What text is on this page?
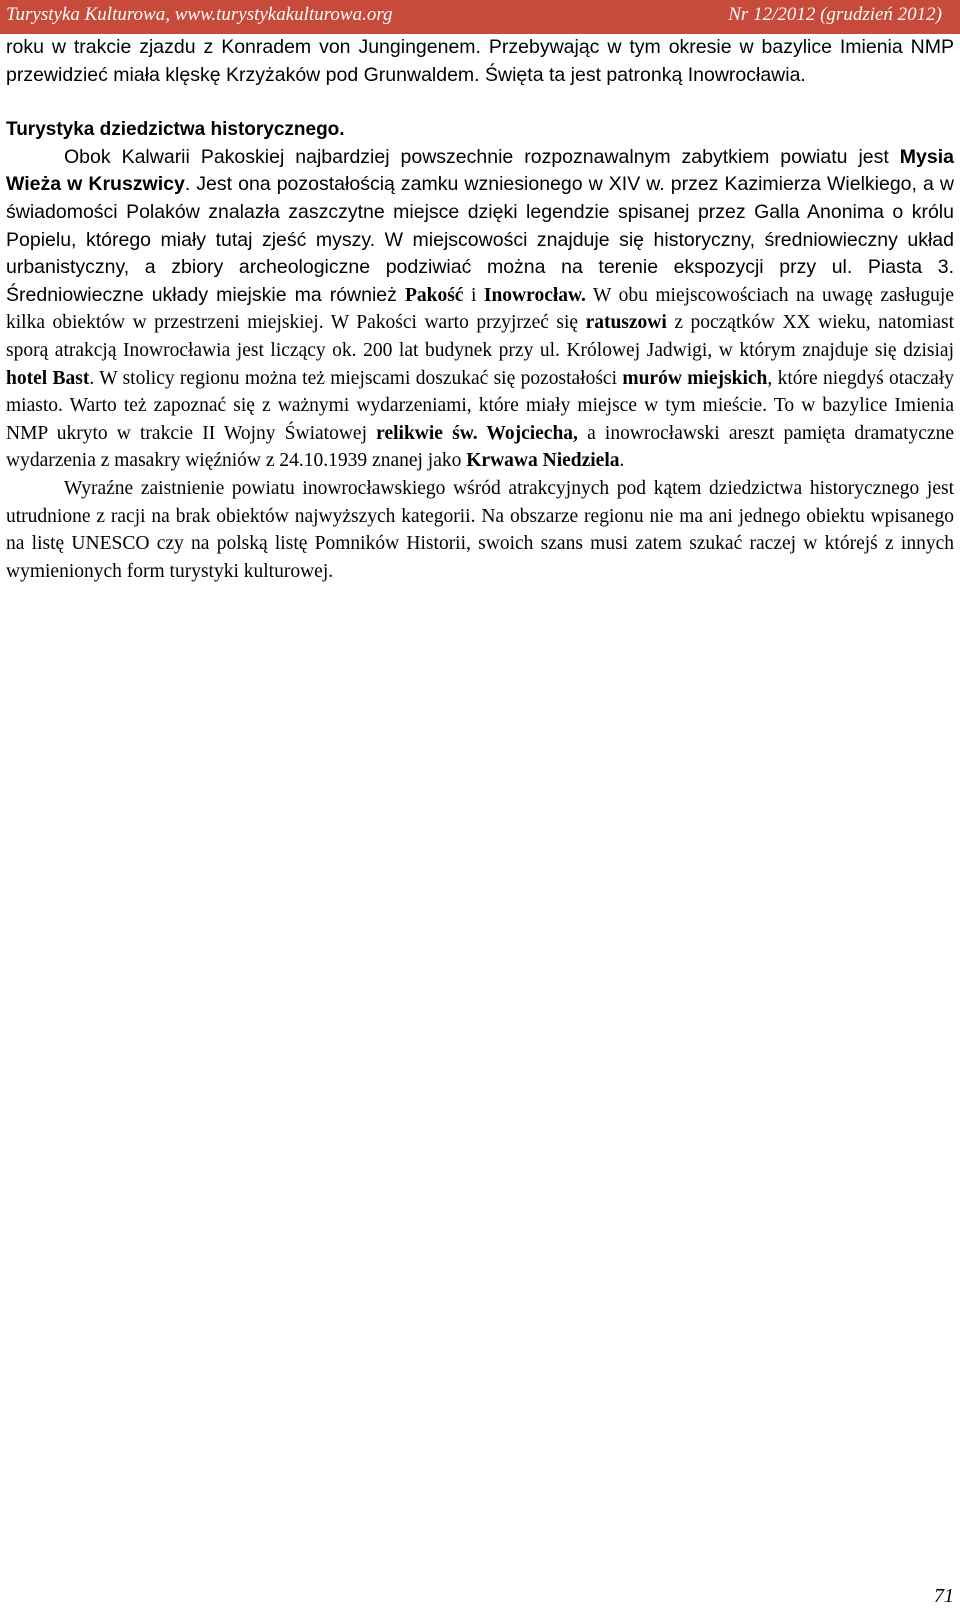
Turystyka Kulturowa, www.turystykakulturowa.org	Nr 12/2012 (grudzień 2012)

roku w trakcie zjazdu z Konradem von Jungingenem. Przebywając w tym okresie w bazylice Imienia NMP przewidzieć miała klęskę Krzyżaków pod Grunwaldem. Święta ta jest patronką Inowrocławia.

Turystyka dziedzictwa historycznego.

Obok Kalwarii Pakoskiej najbardziej powszechnie rozpoznawalnym zabytkiem powiatu jest Mysia Wieża w Kruszwicy. Jest ona pozostałością zamku wzniesionego w XIV w. przez Kazimierza Wielkiego, a w świadomości Polaków znalazła zaszczytne miejsce dzięki legendzie spisanej przez Galla Anonima o królu Popielu, którego miały tutaj zjeść myszy. W miejscowości znajduje się historyczny, średniowieczny układ urbanistyczny, a zbiory archeologiczne podziwiać można na terenie ekspozycji przy ul. Piasta 3. Średniowieczne układy miejskie ma również Pakość i Inowrocław. W obu miejscowościach na uwagę zasługuje kilka obiektów w przestrzeni miejskiej. W Pakości warto przyjrzeć się ratuszowi z początków XX wieku, natomiast sporą atrakcją Inowrocławia jest liczący ok. 200 lat budynek przy ul. Królowej Jadwigi, w którym znajduje się dzisiaj hotel Bast. W stolicy regionu można też miejscami doszukać się pozostałości murów miejskich, które niegdyś otaczały miasto. Warto też zapoznać się z ważnymi wydarzeniami, które miały miejsce w tym mieście. To w bazylice Imienia NMP ukryto w trakcie II Wojny Światowej relikwie św. Wojciecha, a inowrocławski areszt pamięta dramatyczne wydarzenia z masakry więźniów z 24.10.1939 znanej jako Krwawa Niedziela.

Wyraźne zaistnienie powiatu inowrocławskiego wśród atrakcyjnych pod kątem dziedzictwa historycznego jest utrudnione z racji na brak obiektów najwyższych kategorii. Na obszarze regionu nie ma ani jednego obiektu wpisanego na listę UNESCO czy na polską listę Pomników Historii, swoich szans musi zatem szukać raczej w którejś z innych wymienionych form turystyki kulturowej.

71
